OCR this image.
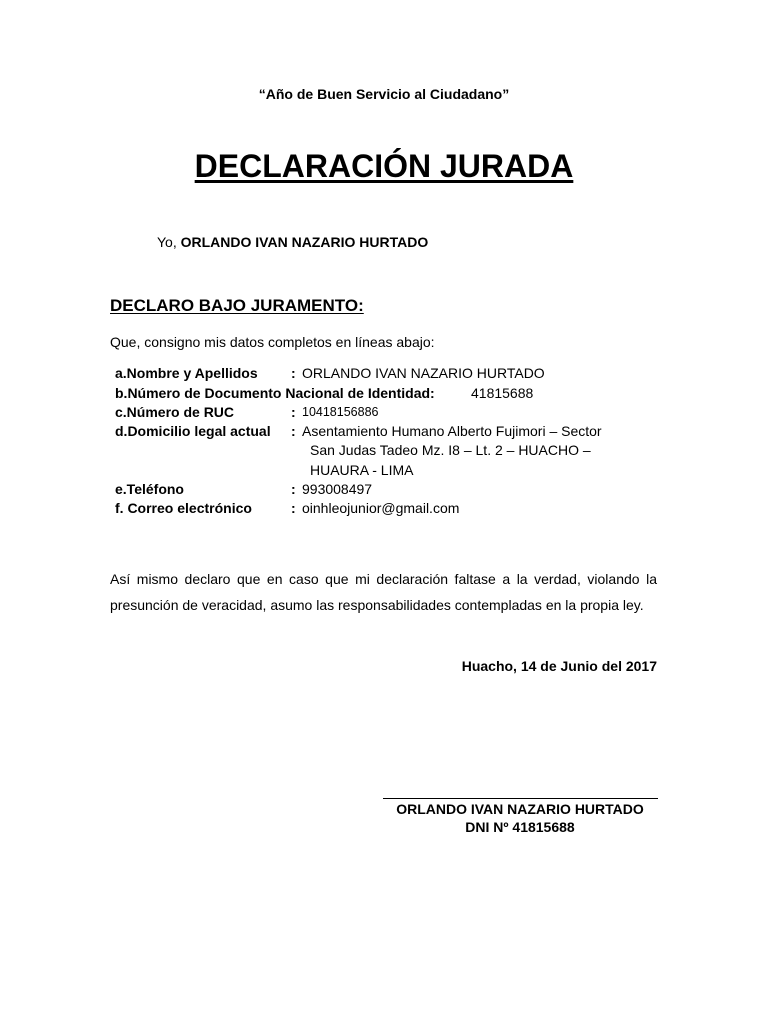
“Año de Buen Servicio al Ciudadano”
DECLARACIÓN JURADA
Yo, ORLANDO IVAN NAZARIO HURTADO
DECLARO BAJO JURAMENTO:
Que, consigno mis datos completos en líneas abajo:
a.Nombre y Apellidos : ORLANDO IVAN NAZARIO HURTADO
b.Número de Documento Nacional de Identidad:	41815688
c.Número de RUC	: 10418156886
d.Domicilio legal actual : Asentamiento Humano Alberto Fujimori – Sector
San Judas Tadeo Mz. I8 – Lt. 2 – HUACHO –
HUAURA - LIMA
e.Teléfono	: 993008497
f. Correo electrónico	: oinhleojunior@gmail.com
Así mismo declaro que en caso que mi declaración faltase a la verdad, violando la presunción de veracidad, asumo las responsabilidades contempladas en la propia ley.
Huacho, 14 de Junio del 2017
ORLANDO IVAN NAZARIO HURTADO
DNI Nº 41815688
